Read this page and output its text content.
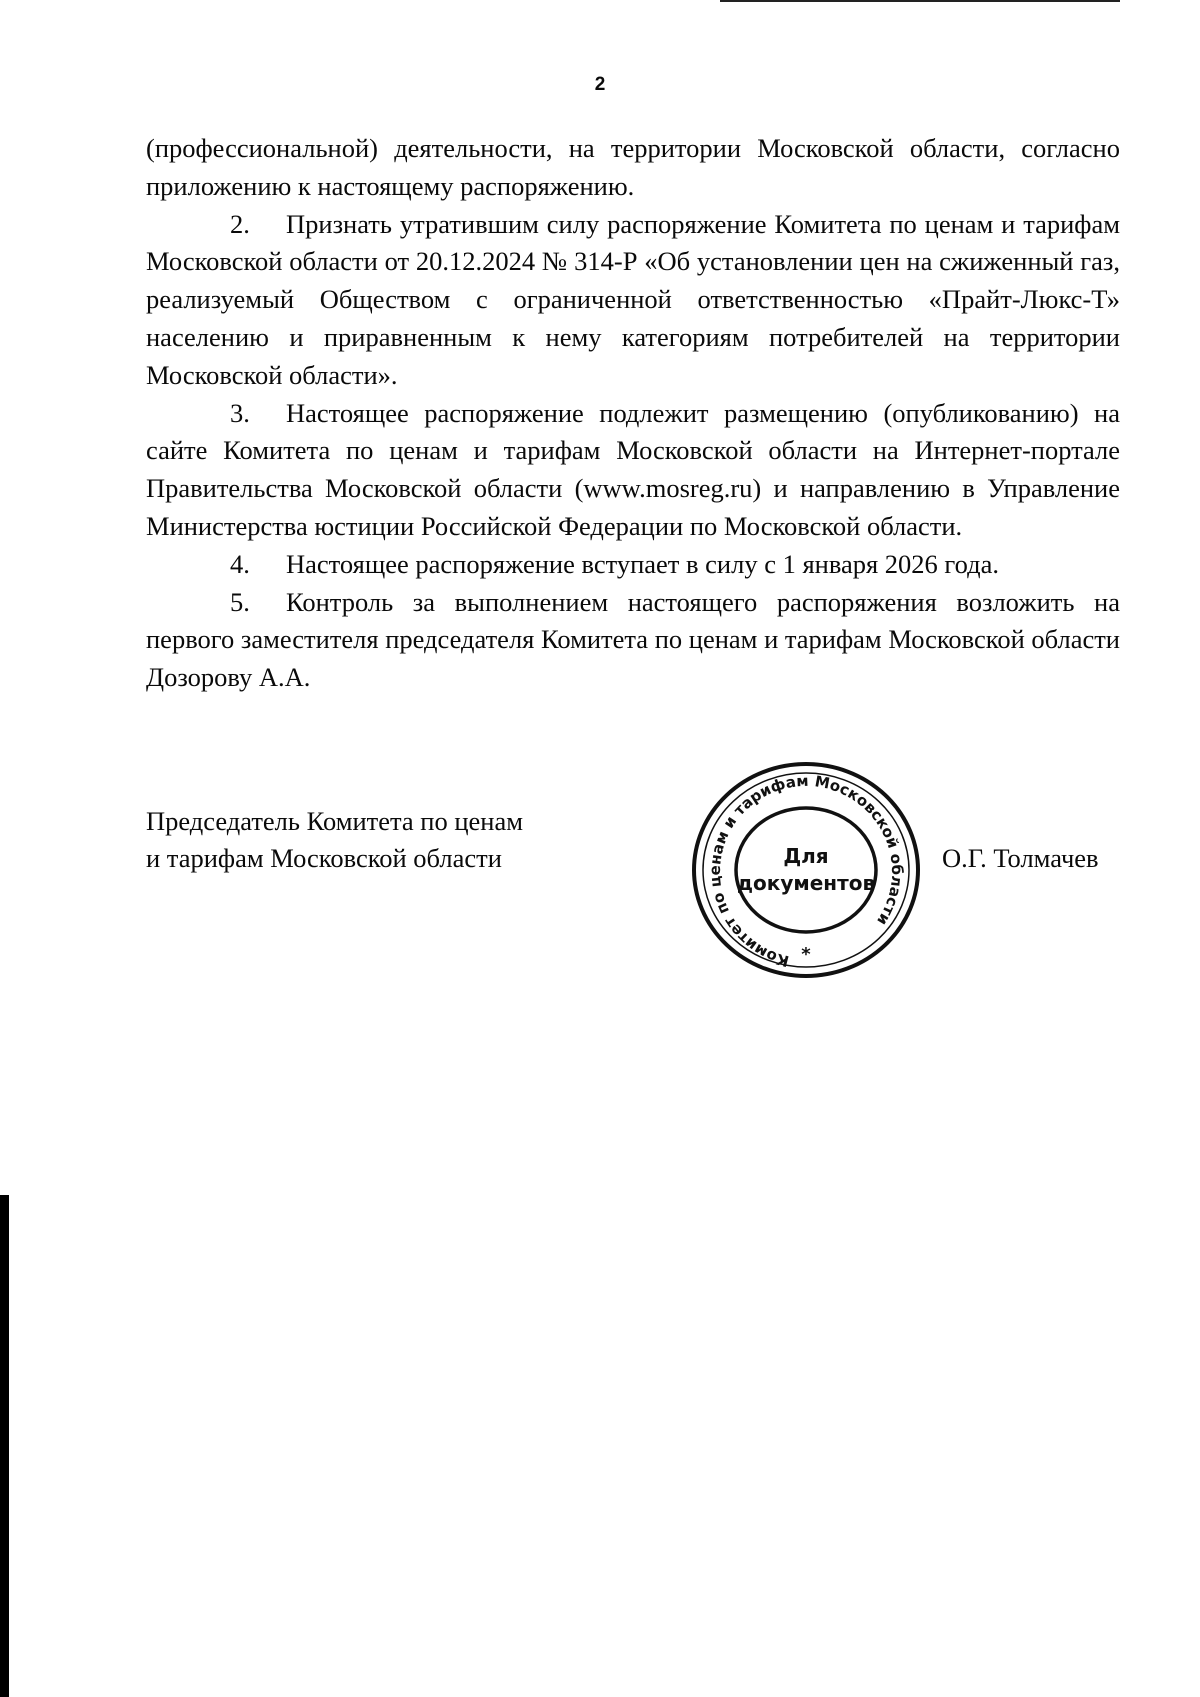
2

(профессиональной) деятельности, на территории Московской области, согласно приложению к настоящему распоряжению.

2. Признать утратившим силу распоряжение Комитета по ценам и тарифам Московской области от 20.12.2024 № 314-Р «Об установлении цен на сжиженный газ, реализуемый Обществом с ограниченной ответственностью «Прайт-Люкс-Т» населению и приравненным к нему категориям потребителей на территории Московской области».

3. Настоящее распоряжение подлежит размещению (опубликованию) на сайте Комитета по ценам и тарифам Московской области на Интернет-портале Правительства Московской области (www.mosreg.ru) и направлению в Управление Министерства юстиции Российской Федерации по Московской области.

4. Настоящее распоряжение вступает в силу с 1 января 2026 года.

5. Контроль за выполнением настоящего распоряжения возложить на первого заместителя председателя Комитета по ценам и тарифам Московской области Дозорову А.А.

Председатель Комитета по ценам
и тарифам Московской области
Комитет по ценам и тарифам Московской области
Для
документов
*
О.Г. Толмачев
